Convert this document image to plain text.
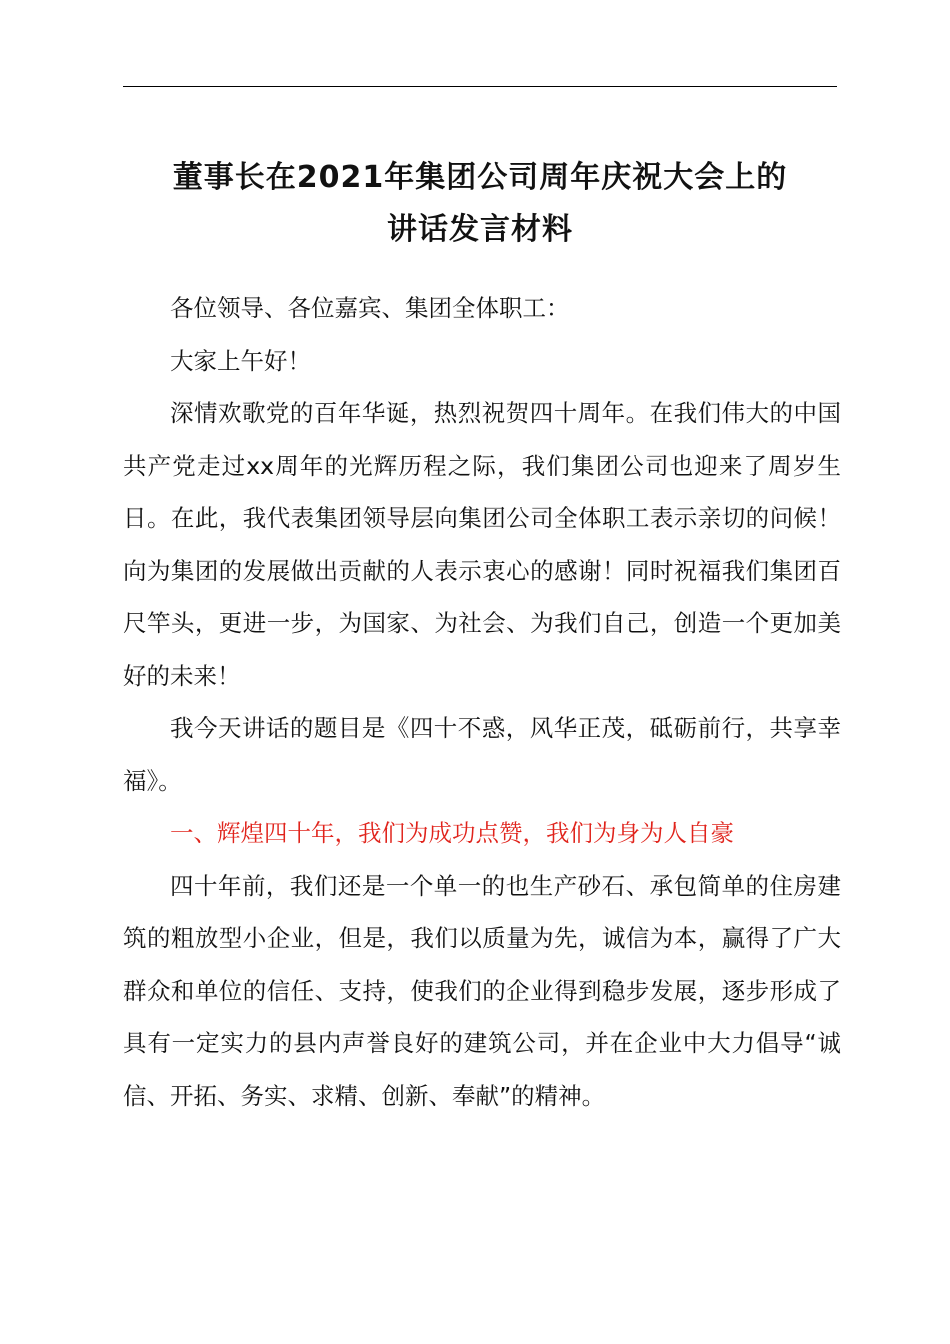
董事长在2021年集团公司周年庆祝大会上的
讲话发言材料

各位领导、各位嘉宾、集团全体职工：

大家上午好！

深情欢歌党的百年华诞，热烈祝贺四十周年。在我们伟大的中国共产党走过xx周年的光辉历程之际，我们集团公司也迎来了周岁生日。在此，我代表集团领导层向集团公司全体职工表示亲切的问候！向为集团的发展做出贡献的人表示衷心的感谢！同时祝福我们集团百尺竿头，更进一步，为国家、为社会、为我们自己，创造一个更加美好的未来！

我今天讲话的题目是《四十不惑，风华正茂，砥砺前行，共享幸福》。

一、辉煌四十年，我们为成功点赞，我们为身为人自豪

四十年前，我们还是一个单一的也生产砂石、承包简单的住房建筑的粗放型小企业，但是，我们以质量为先，诚信为本，赢得了广大群众和单位的信任、支持，使我们的企业得到稳步发展，逐步形成了具有一定实力的县内声誉良好的建筑公司，并在企业中大力倡导“诚信、开拓、务实、求精、创新、奉献”的精神。
